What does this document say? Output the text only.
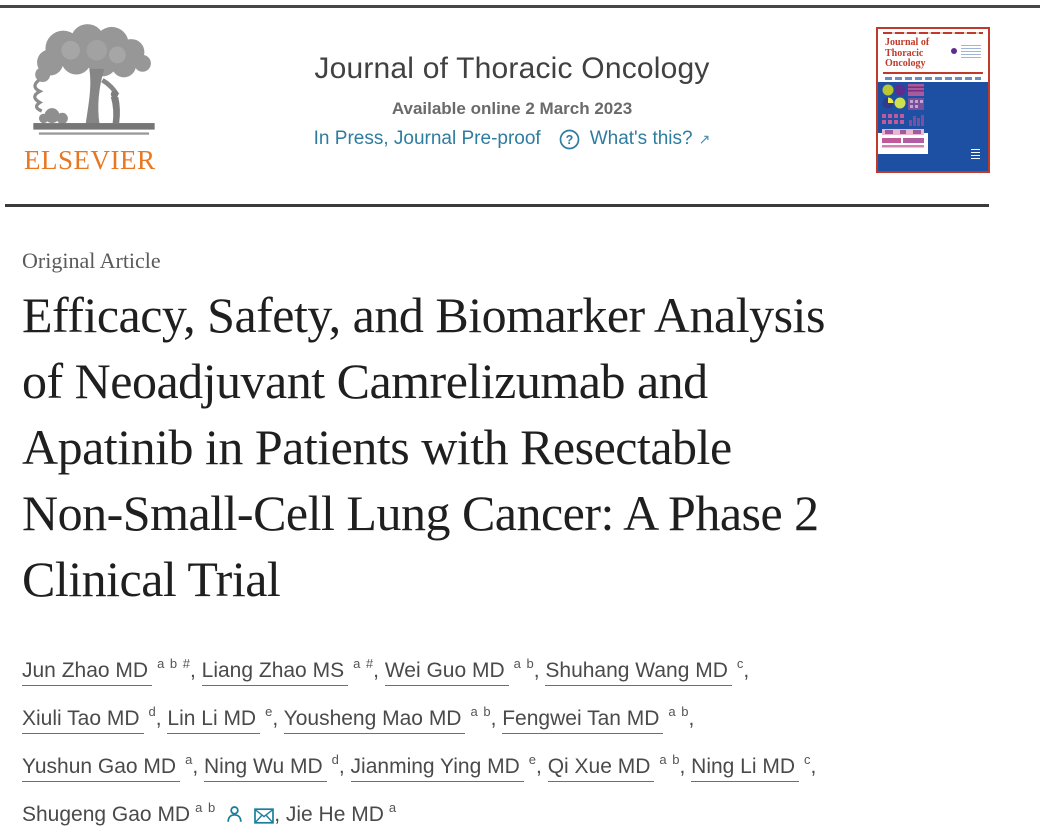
ELSEVIER
Journal of Thoracic Oncology
Available online 2 March 2023
In Press, Journal Pre-proof ? What's this? ↗
Journal of
Thoracic
Oncology
Original Article
Efficacy, Safety, and Biomarker Analysis
of Neoadjuvant Camrelizumab and
Apatinib in Patients with Resectable
Non-Small-Cell Lung Cancer: A Phase 2
Clinical Trial
Jun Zhao MD $^{a b \#}$, Liang Zhao MS $^{a \#}$, Wei Guo MD $^{a b}$, Shuhang Wang MD $^c$,
Xiuli Tao MD $^d$, Lin Li MD $^e$, Yousheng Mao MD $^{a b}$, Fengwei Tan MD $^{a b}$,
Yushun Gao MD $^a$, Ning Wu MD $^d$, Jianming Ying MD $^e$, Qi Xue MD $^{a b}$, Ning Li MD $^c$,
Shugeng Gao MD $^{a b}$	, Jie He MD $^a$
